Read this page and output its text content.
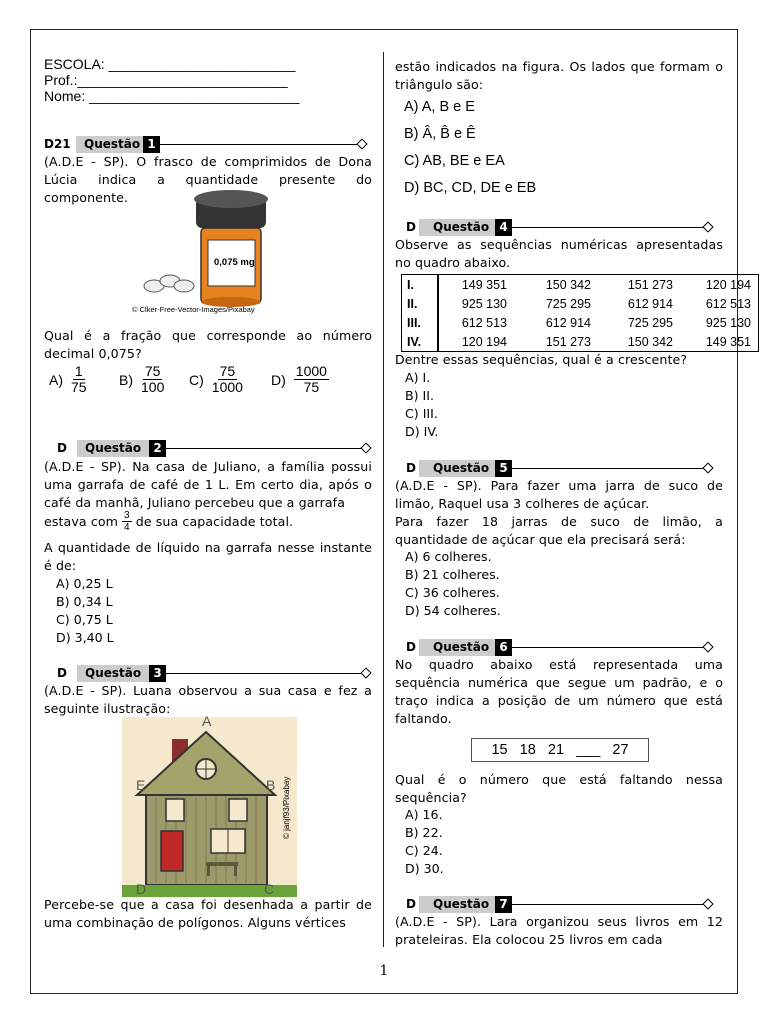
ESCOLA: ________________________
Prof.:___________________________
Nome: ___________________________
D21	Questão 1
(A.D.E - SP). O frasco de comprimidos de Dona Lúcia indica a quantidade presente do componente.
0,075 mg
© Clker-Free-Vector-Images/Pixabay
Qual é a fração que corresponde ao número decimal 0,075?
$A) \frac{1}{75} B) \frac{75}{100} C) \frac{75}{1000} D) \frac{1000}{75}$
D	Questão	2
(A.D.E - SP). Na casa de Juliano, a família possui uma garrafa de café de 1 L. Em certo dia, após o café da manhã, Juliano percebeu que a garrafa
estava com $\frac{3}{4}$ de sua capacidade total.
A quantidade de líquido na garrafa nesse instante é de:
A) 0,25 L
B) 0,34 L
C) 0,75 L
D) 3,40 L
D	Questão	3
(A.D.E - SP). Luana observou a sua casa e fez a seguinte ilustração:
A
B
C
D
E	© janjf93/Pixabay
Percebe-se que a casa foi desenhada a partir de uma combinação de polígonos. Alguns vértices
estão indicados na figura. Os lados que formam o triângulo são:
A) A, B e E
B) Â, B̂ e Ê
C) AB, BE e EA
D) BC, CD, DE e EB
D	Questão 4
Observe as sequências numéricas apresentadas no quadro abaixo.
I.	149 351	150 342	151 273	120 194
II.	925 130	725 295	612 914	612 513
III.	612 513	612 914	725 295	925 130
IV.	120 194	151 273	150 342	149 351
Dentre essas sequências, qual é a crescente?
A) I.
B) II.
C) III.
D) IV.
D	Questão 5
(A.D.E - SP). Para fazer uma jarra de suco de limão, Raquel usa 3 colheres de açúcar.
Para fazer 18 jarras de suco de limão, a quantidade de açúcar que ela precisará será:
A) 6 colheres.
B) 21 colheres.
C) 36 colheres.
D) 54 colheres.
D	Questão 6
No quadro abaixo está representada uma sequência numérica que segue um padrão, e o traço indica a posição de um número que está faltando.
15   18   21   ___   27
Qual é o número que está faltando nessa sequência?
A) 16.
B) 22.
C) 24.
D) 30.
D	Questão 7
(A.D.E - SP). Lara organizou seus livros em 12 prateleiras. Ela colocou 25 livros em cada
1
